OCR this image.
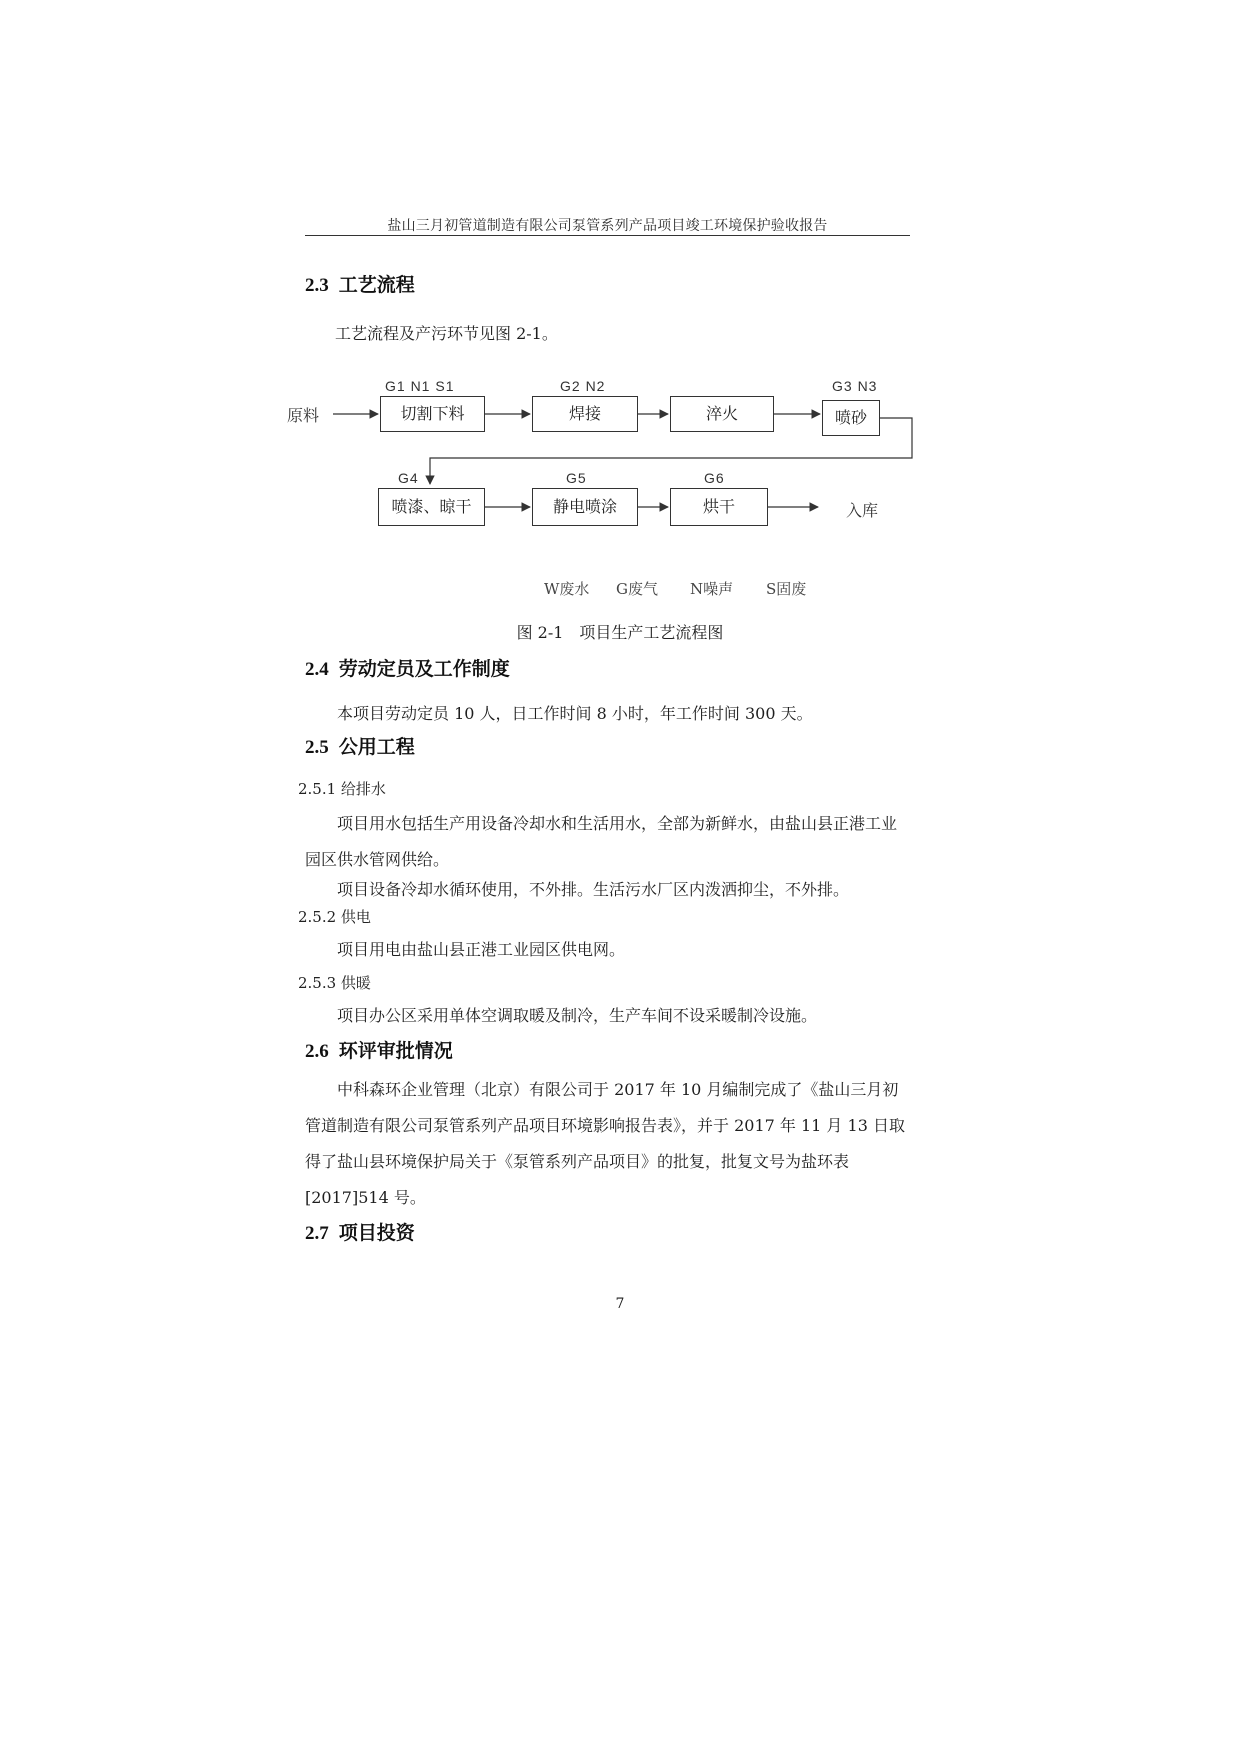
盐山三月初管道制造有限公司泵管系列产品项目竣工环境保护验收报告
2.3 工艺流程
工艺流程及产污环节见图 2-1。
原料
G1 N1 S1
切割下料
G2 N2
焊接	淬火
G3 N3
喷砂
G4
喷漆、晾干
G5
静电喷涂
G6
烘干	入库
W废水 G废气 N噪声 S固废
图 2-1　项目生产工艺流程图
2.4 劳动定员及工作制度
本项目劳动定员 10 人，日工作时间 8 小时，年工作时间 300 天。
2.5 公用工程
2.5.1 给排水
项目用水包括生产用设备冷却水和生活用水，全部为新鲜水，由盐山县正港工业园区供水管网供给。
项目设备冷却水循环使用，不外排。生活污水厂区内泼洒抑尘，不外排。
2.5.2 供电
项目用电由盐山县正港工业园区供电网。
2.5.3 供暖
项目办公区采用单体空调取暖及制冷，生产车间不设采暖制冷设施。
2.6 环评审批情况
中科森环企业管理（北京）有限公司于 2017 年 10 月编制完成了《盐山三月初管道制造有限公司泵管系列产品项目环境影响报告表》，并于 2017 年 11 月 13 日取得了盐山县环境保护局关于《泵管系列产品项目》的批复，批复文号为盐环表[2017]514 号。
2.7 项目投资
7
